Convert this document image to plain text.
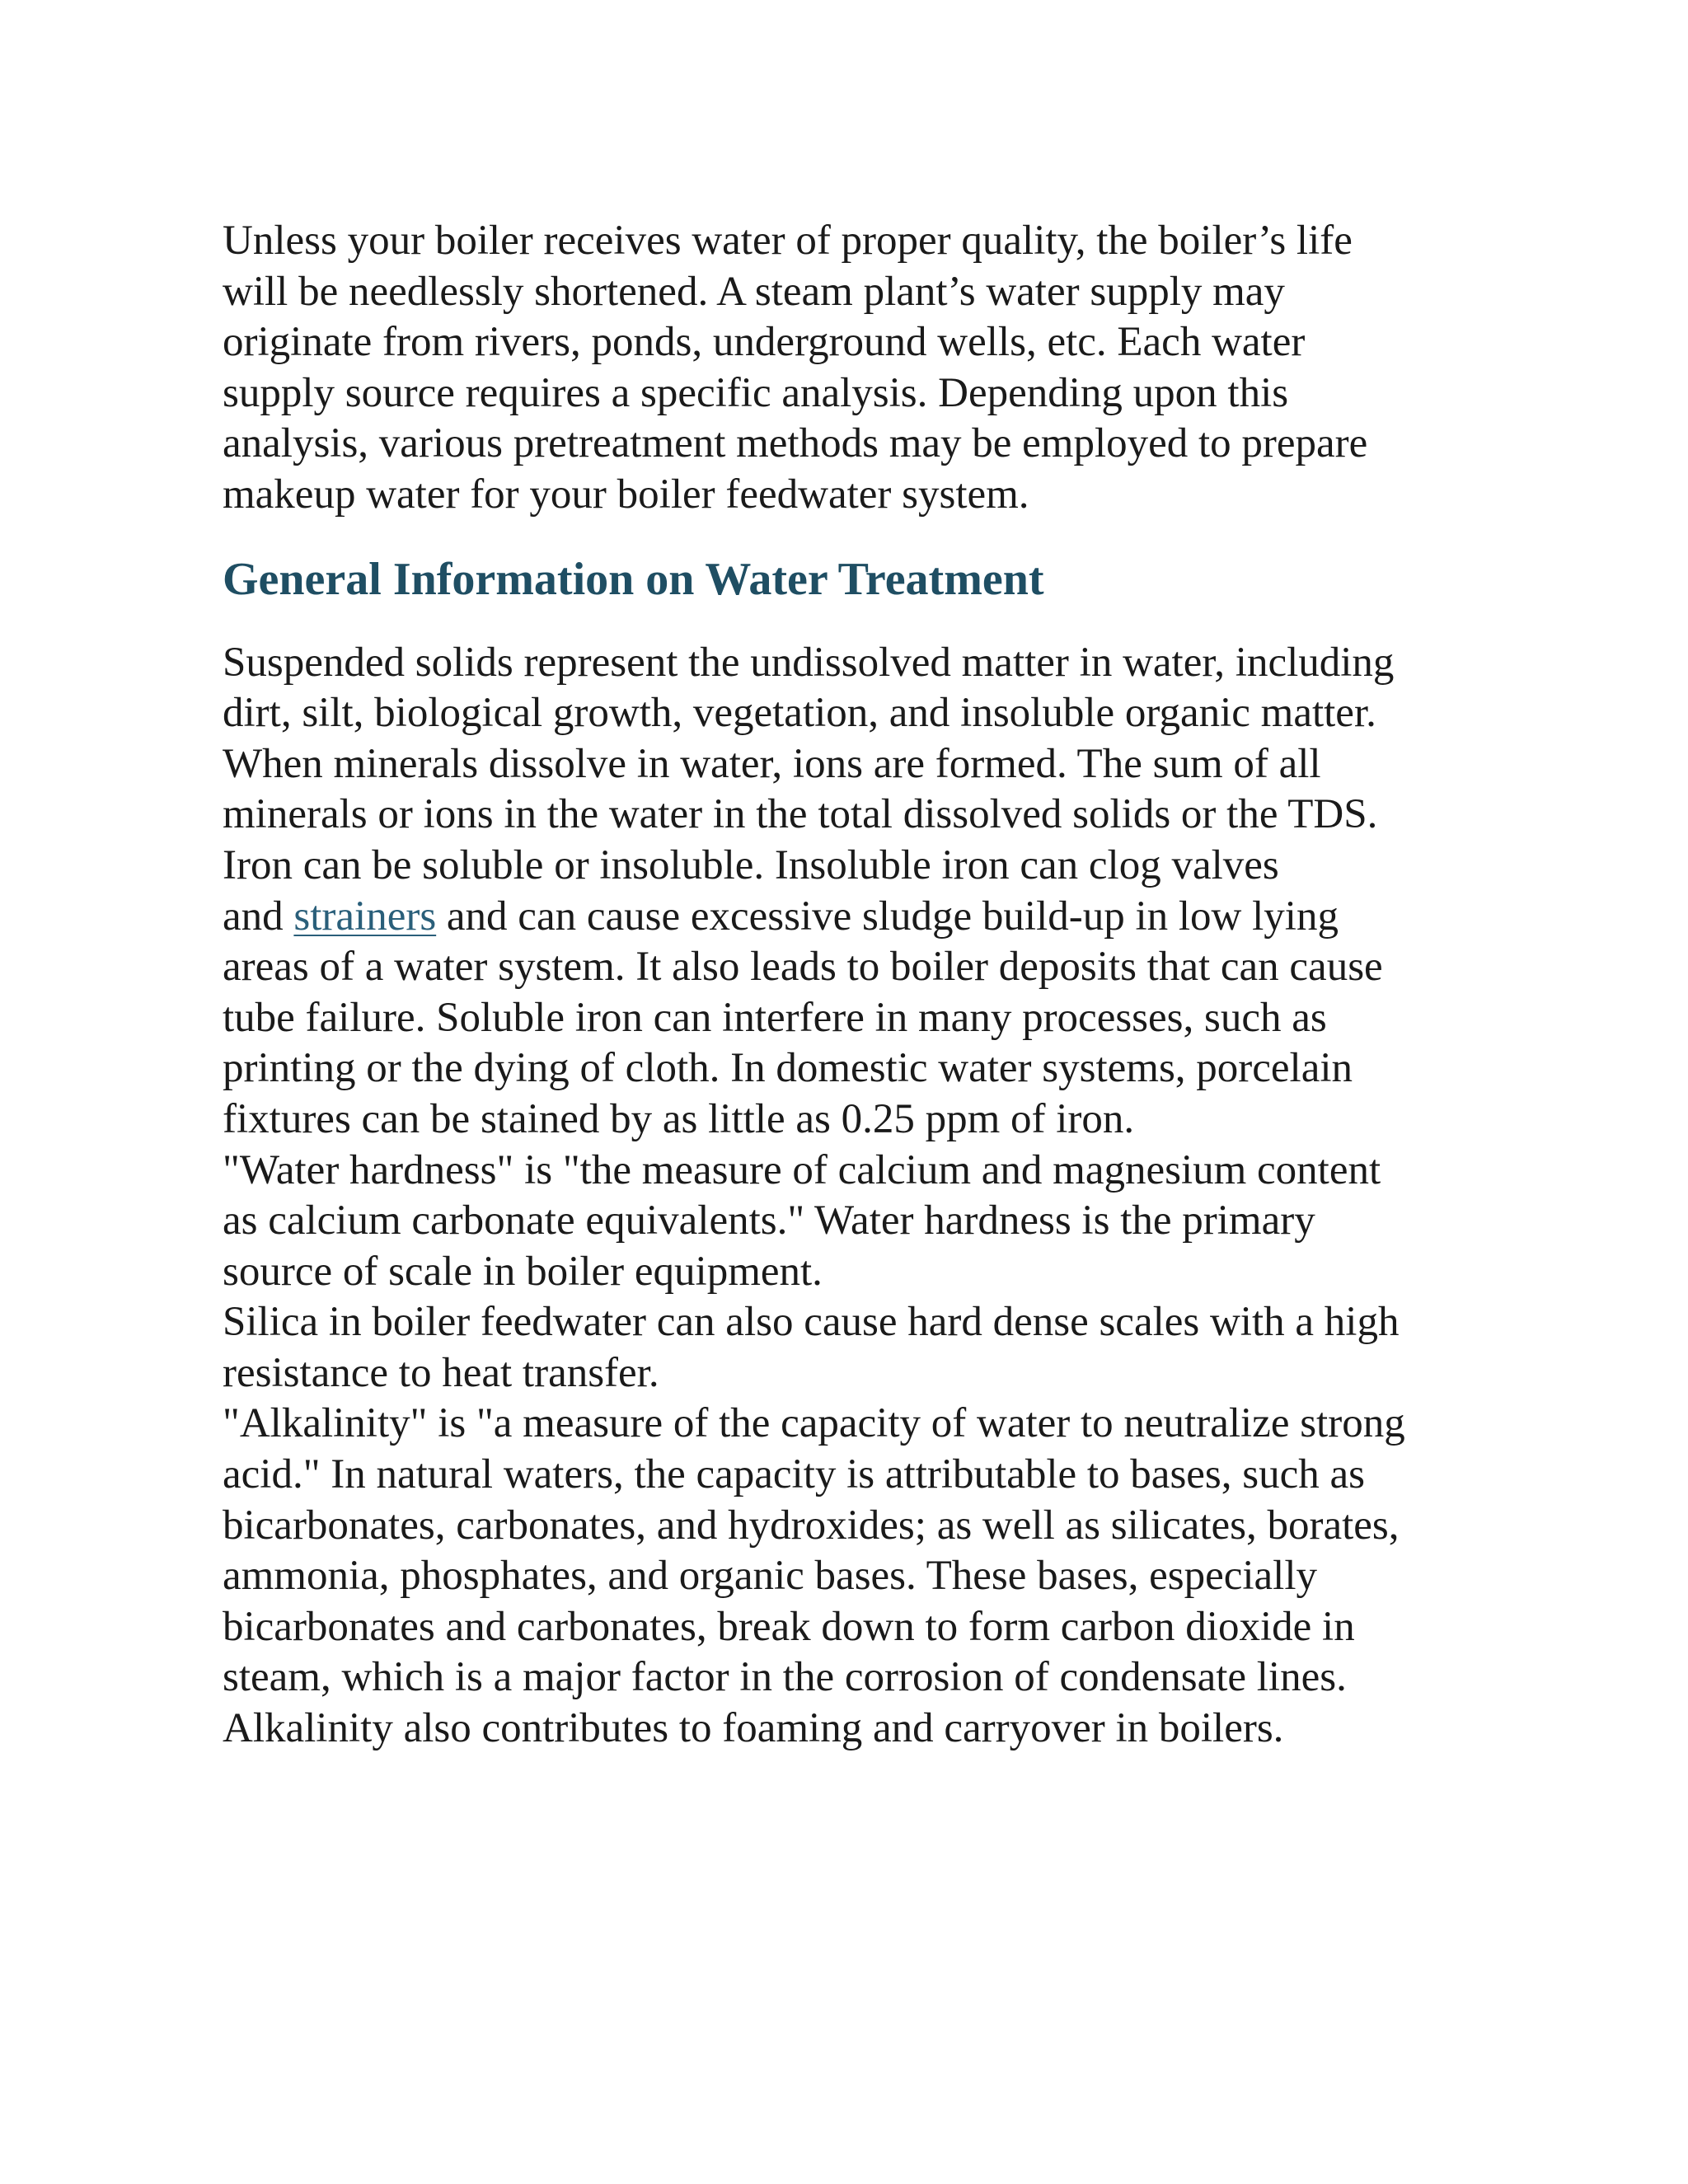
Unless your boiler receives water of proper quality, the boiler’s life
will be needlessly shortened. A steam plant’s water supply may
originate from rivers, ponds, underground wells, etc. Each water
supply source requires a specific analysis. Depending upon this
analysis, various pretreatment methods may be employed to prepare
makeup water for your boiler feedwater system.
General Information on Water Treatment
Suspended solids represent the undissolved matter in water, including
dirt, silt, biological growth, vegetation, and insoluble organic matter.
When minerals dissolve in water, ions are formed. The sum of all
minerals or ions in the water in the total dissolved solids or the TDS.
Iron can be soluble or insoluble. Insoluble iron can clog valves
and strainers and can cause excessive sludge build-up in low lying
areas of a water system. It also leads to boiler deposits that can cause
tube failure. Soluble iron can interfere in many processes, such as
printing or the dying of cloth. In domestic water systems, porcelain
fixtures can be stained by as little as 0.25 ppm of iron.
"Water hardness" is "the measure of calcium and magnesium content
as calcium carbonate equivalents." Water hardness is the primary
source of scale in boiler equipment.
Silica in boiler feedwater can also cause hard dense scales with a high
resistance to heat transfer.
"Alkalinity" is "a measure of the capacity of water to neutralize strong
acid." In natural waters, the capacity is attributable to bases, such as
bicarbonates, carbonates, and hydroxides; as well as silicates, borates,
ammonia, phosphates, and organic bases. These bases, especially
bicarbonates and carbonates, break down to form carbon dioxide in
steam, which is a major factor in the corrosion of condensate lines.
Alkalinity also contributes to foaming and carryover in boilers.
